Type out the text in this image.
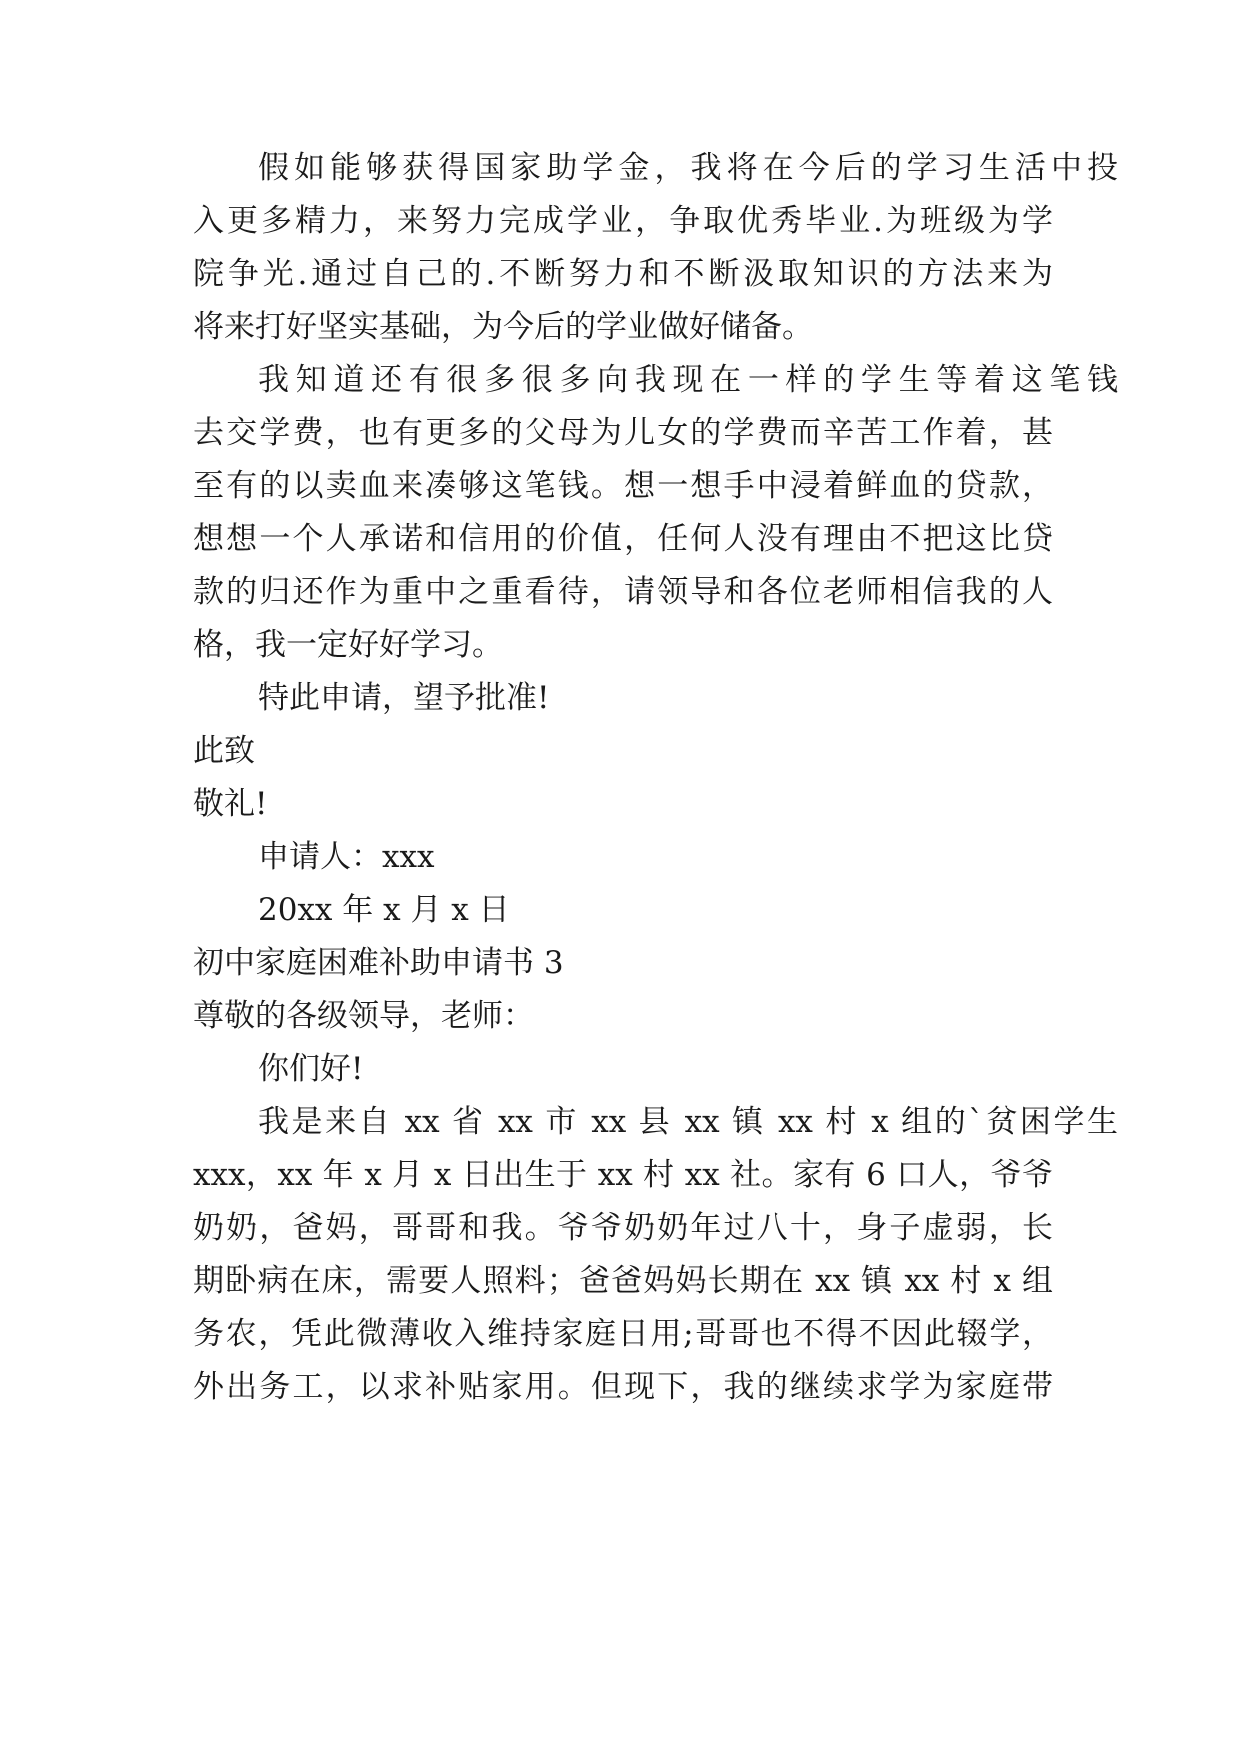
假如能够获得国家助学金，我将在今后的学习生活中投
入更多精力，来努力完成学业，争取优秀毕业.为班级为学
院争光.通过自己的.不断努力和不断汲取知识的方法来为
将来打好坚实基础，为今后的学业做好储备。
我知道还有很多很多向我现在一样的学生等着这笔钱
去交学费，也有更多的父母为儿女的学费而辛苦工作着，甚
至有的以卖血来凑够这笔钱。想一想手中浸着鲜血的贷款，
想想一个人承诺和信用的价值，任何人没有理由不把这比贷
款的归还作为重中之重看待，请领导和各位老师相信我的人
格，我一定好好学习。
特此申请，望予批准!
此致
敬礼!
申请人：xxx
20xx 年 x 月 x 日
初中家庭困难补助申请书 3
尊敬的各级领导，老师：
你们好!
我是来自 xx 省 xx 市 xx 县 xx 镇 xx 村 x 组的`贫困学生
xxx，xx 年 x 月 x 日出生于 xx 村 xx 社。家有 6 口人，爷爷
奶奶，爸妈，哥哥和我。爷爷奶奶年过八十，身子虚弱，长
期卧病在床，需要人照料；爸爸妈妈长期在 xx 镇 xx 村 x 组
务农，凭此微薄收入维持家庭日用;哥哥也不得不因此辍学，
外出务工，以求补贴家用。但现下，我的继续求学为家庭带
